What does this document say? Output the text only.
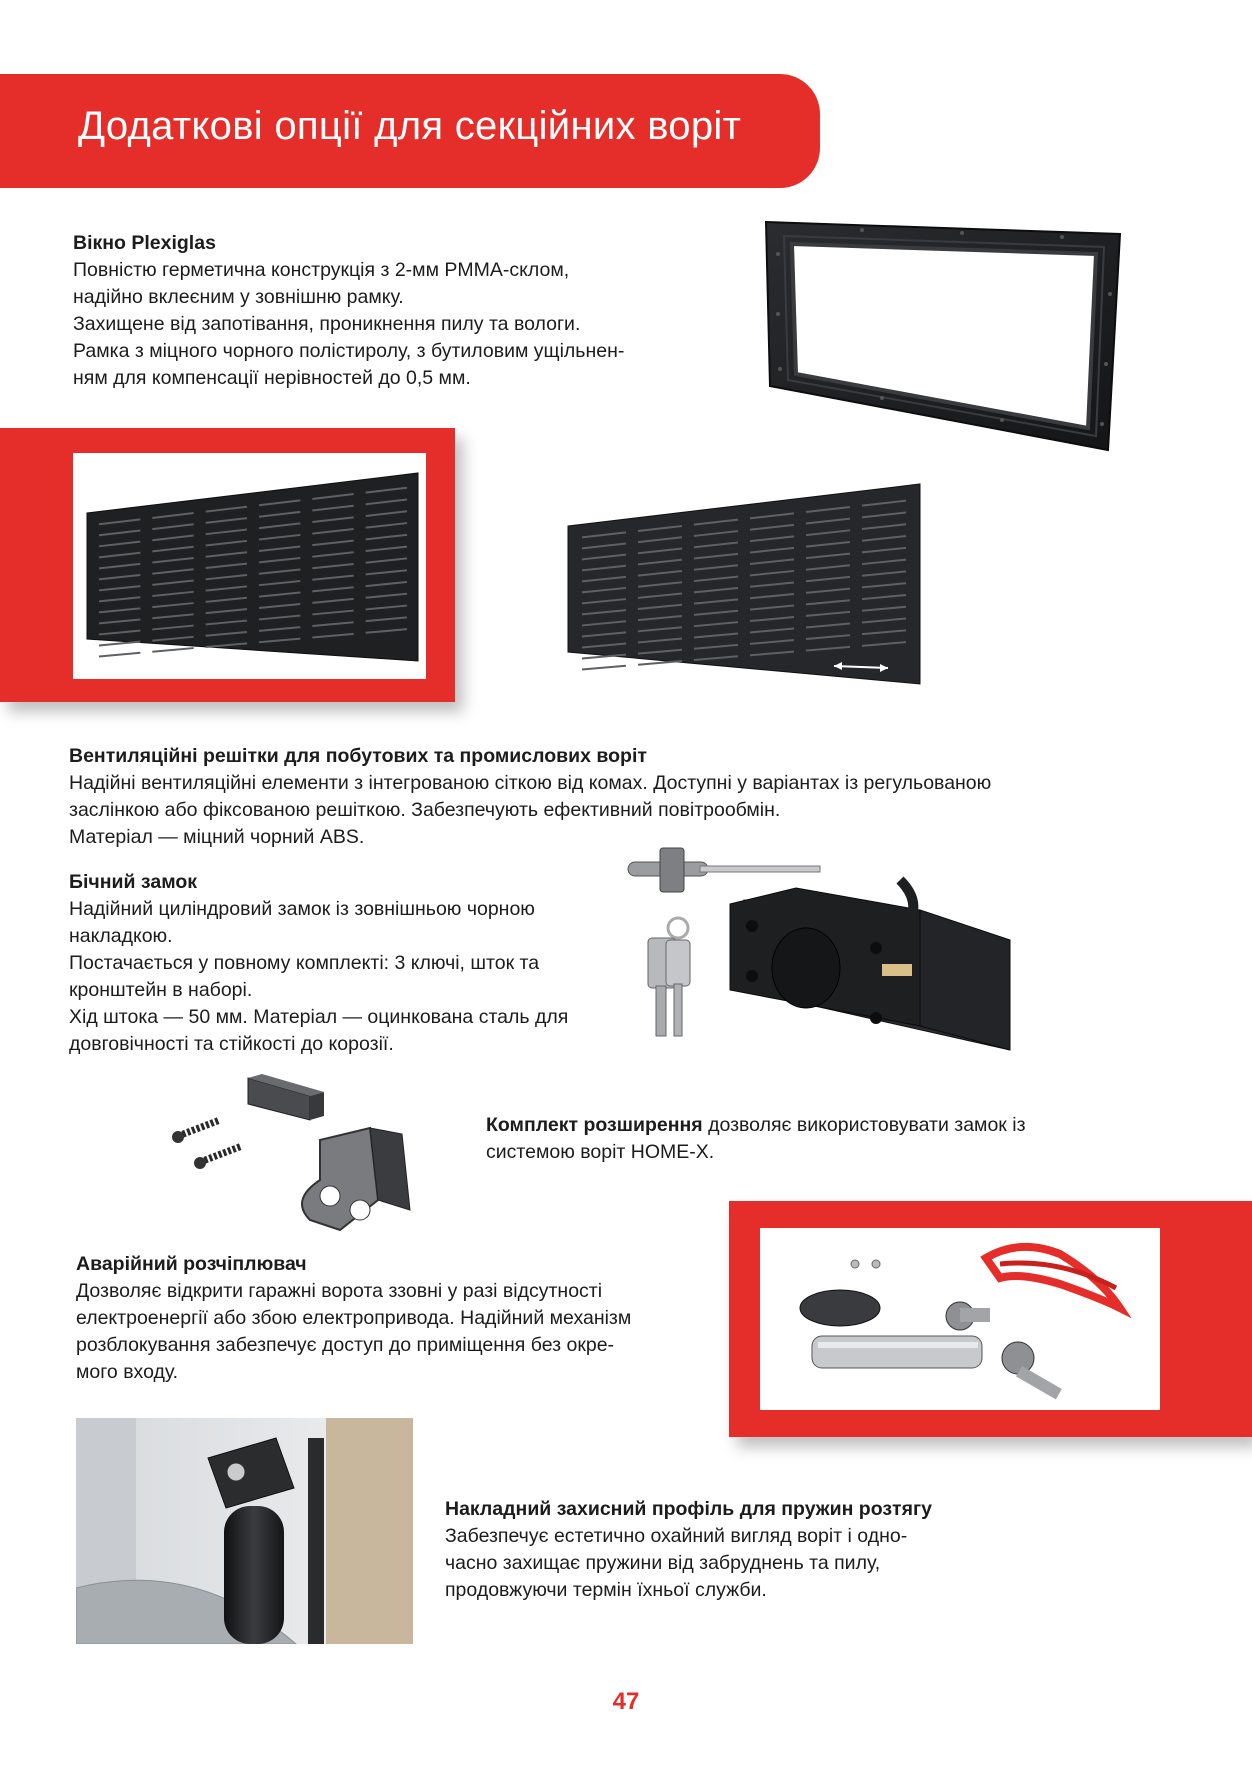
Додаткові опції для секційних воріт
Вікно Plexiglas
Повністю герметична конструкція з 2-мм PMMA-склом,
надійно вклеєним у зовнішню рамку.
Захищене від запотівання, проникнення пилу та вологи.
Рамка з міцного чорного полістиролу, з бутиловим ущільнен-
ням для компенсації нерівностей до 0,5 мм.
Вентиляційні решітки для побутових та промислових воріт
Надійні вентиляційні елементи з інтегрованою сіткою від комах. Доступні у варіантах із регульованою
заслінкою або фіксованою решіткою. Забезпечують ефективний повітрообмін.
Матеріал — міцний чорний ABS.
Бічний замок
Надійний циліндровий замок із зовнішньою чорною
накладкою.
Постачається у повному комплекті: 3 ключі, шток та
кронштейн в наборі.
Хід штока — 50 мм. Матеріал — оцинкована сталь для
довговічності та стійкості до корозії.
Комплект розширення дозволяє використовувати замок із
системою воріт HOME-X.
Аварійний розчіплювач
Дозволяє відкрити гаражні ворота ззовні у разі відсутності
електроенергії або збою електропривода. Надійний механізм
розблокування забезпечує доступ до приміщення без окре-
мого входу.
Накладний захисний профіль для пружин розтягу
Забезпечує естетично охайний вигляд воріт і одно-
часно захищає пружини від забруднень та пилу,
продовжуючи термін їхньої служби.
47
